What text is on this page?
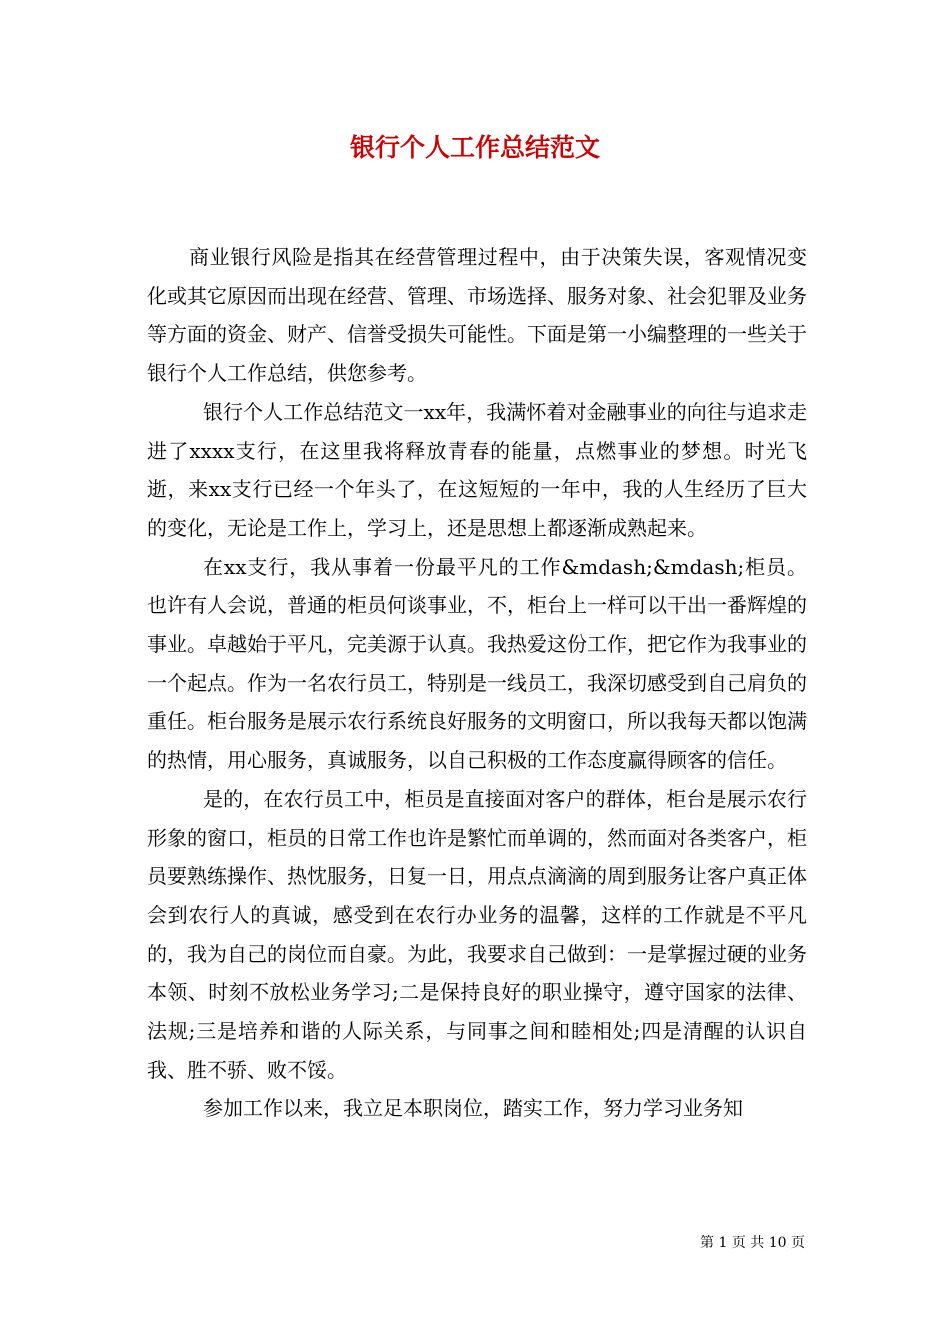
银行个人工作总结范文

商业银行风险是指其在经营管理过程中，由于决策失误，客观情况变化或其它原因而出现在经营、管理、市场选择、服务对象、社会犯罪及业务等方面的资金、财产、信誉受损失可能性。下面是第一小编整理的一些关于银行个人工作总结，供您参考。

银行个人工作总结范文一xx年，我满怀着对金融事业的向往与追求走进了xxxx支行，在这里我将释放青春的能量，点燃事业的梦想。时光飞逝，来xx支行已经一个年头了，在这短短的一年中，我的人生经历了巨大的变化，无论是工作上，学习上，还是思想上都逐渐成熟起来。

在xx支行，我从事着一份最平凡的工作&mdash;&mdash;柜员。也许有人会说，普通的柜员何谈事业，不，柜台上一样可以干出一番辉煌的事业。卓越始于平凡，完美源于认真。我热爱这份工作，把它作为我事业的一个起点。作为一名农行员工，特别是一线员工，我深切感受到自己肩负的重任。柜台服务是展示农行系统良好服务的文明窗口，所以我每天都以饱满的热情，用心服务，真诚服务，以自己积极的工作态度赢得顾客的信任。

是的，在农行员工中，柜员是直接面对客户的群体，柜台是展示农行形象的窗口，柜员的日常工作也许是繁忙而单调的，然而面对各类客户，柜员要熟练操作、热忱服务，日复一日，用点点滴滴的周到服务让客户真正体会到农行人的真诚，感受到在农行办业务的温馨，这样的工作就是不平凡的，我为自己的岗位而自豪。为此，我要求自己做到：一是掌握过硬的业务本领、时刻不放松业务学习;二是保持良好的职业操守，遵守国家的法律、法规;三是培养和谐的人际关系，与同事之间和睦相处;四是清醒的认识自我、胜不骄、败不馁。

参加工作以来，我立足本职岗位，踏实工作，努力学习业务知

第 1 页 共 10 页
